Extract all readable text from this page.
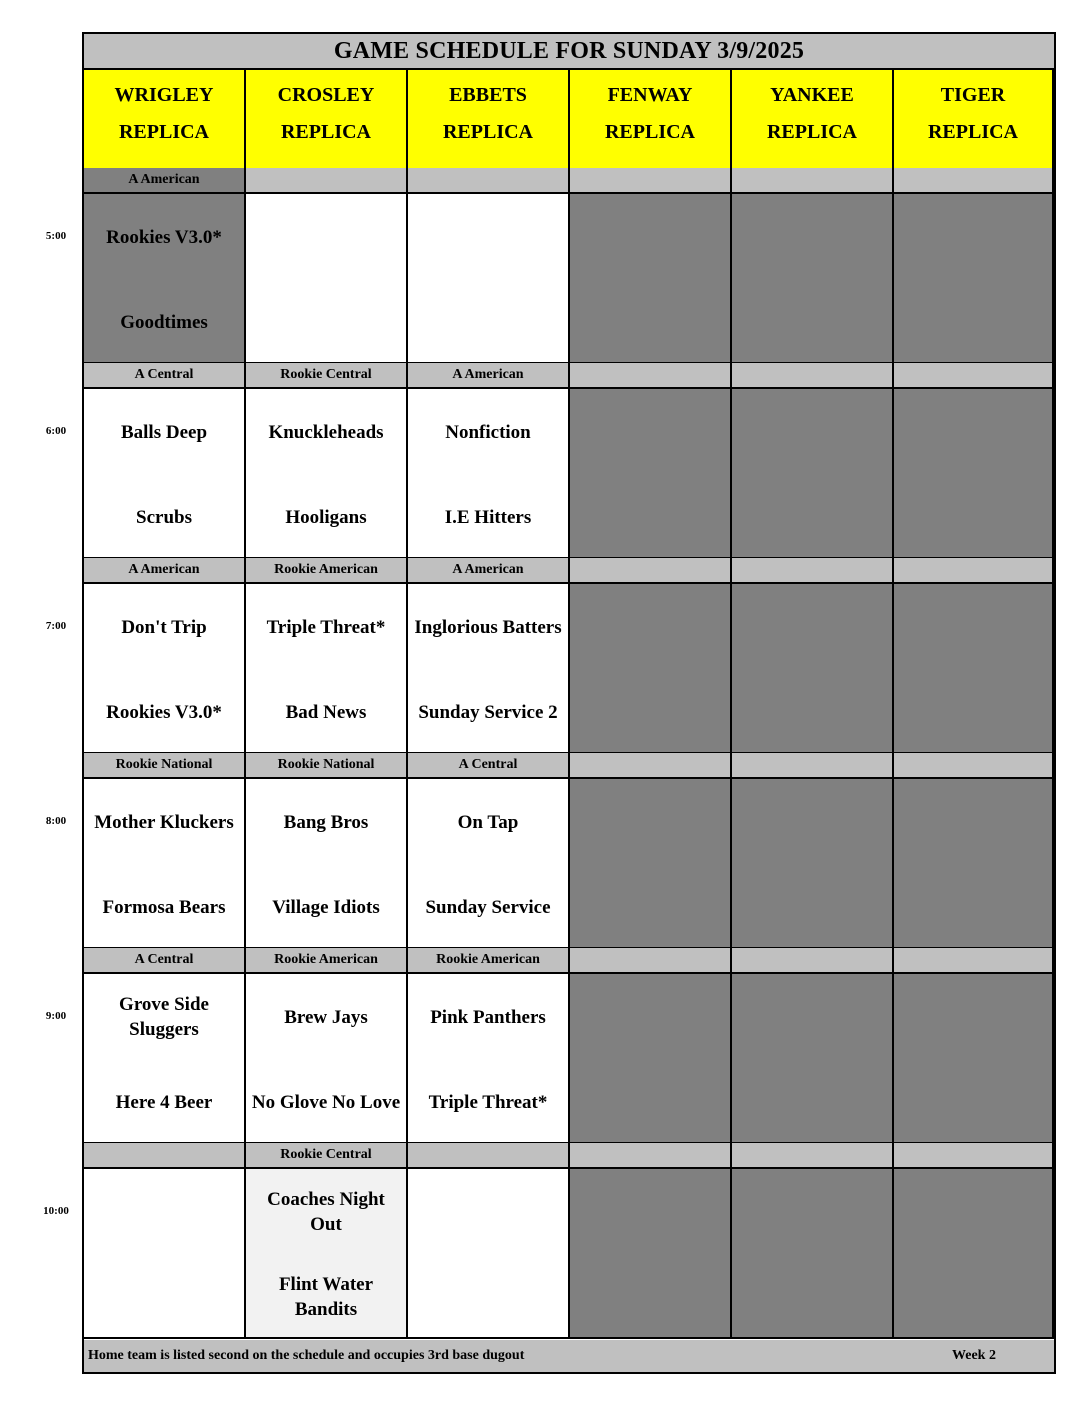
GAME SCHEDULE FOR SUNDAY 3/9/2025
WRIGLEY
REPLICA
CROSLEY
REPLICA
EBBETS
REPLICA
FENWAY
REPLICA
YANKEE
REPLICA
TIGER
REPLICA
A American
Rookies V3.0*
Goodtimes
A Central
Balls Deep
Scrubs
Rookie Central
Knuckleheads
Hooligans
A American
Nonfiction
I.E Hitters
A American
Don't Trip
Rookies V3.0*
Rookie American
Triple Threat*
Bad News
A American
Inglorious Batters
Sunday Service 2
Rookie National
Mother Kluckers
Formosa Bears
Rookie National
Bang Bros
Village Idiots
A Central
On Tap
Sunday Service
A Central
Grove Side
Sluggers
Here 4 Beer
Rookie American
Brew Jays
No Glove No Love
Rookie American
Pink Panthers
Triple Threat*
Rookie Central
Coaches Night
Out
Flint Water
Bandits
Home team is listed second on the schedule and occupies 3rd base dugout	Week 2
5:00
6:00
7:00
8:00
9:00
10:00
